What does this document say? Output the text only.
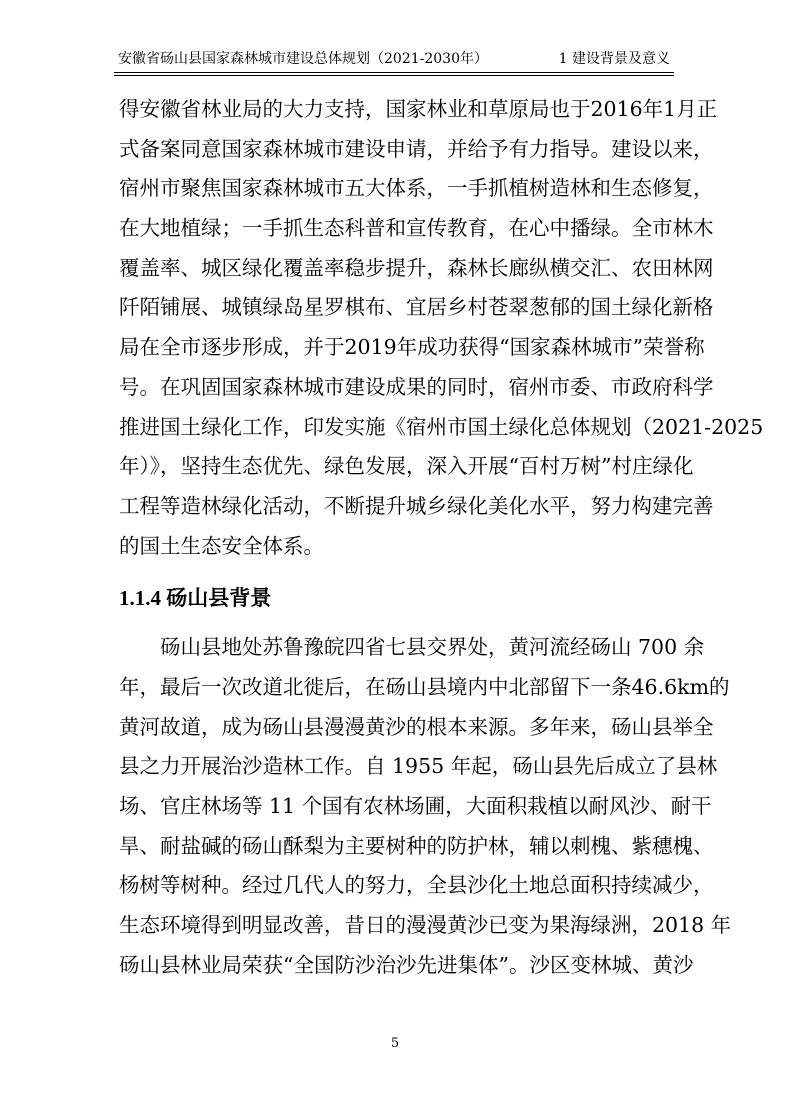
安徽省砀山县国家森林城市建设总体规划（2021-2030年）	1 建设背景及意义
得安徽省林业局的大力支持，国家林业和草原局也于2016年1月正
式备案同意国家森林城市建设申请，并给予有力指导。建设以来，
宿州市聚焦国家森林城市五大体系，一手抓植树造林和生态修复，
在大地植绿；一手抓生态科普和宣传教育，在心中播绿。全市林木
覆盖率、城区绿化覆盖率稳步提升，森林长廊纵横交汇、农田林网
阡陌铺展、城镇绿岛星罗棋布、宜居乡村苍翠葱郁的国土绿化新格
局在全市逐步形成，并于2019年成功获得“国家森林城市”荣誉称
号。在巩固国家森林城市建设成果的同时，宿州市委、市政府科学
推进国土绿化工作，印发实施《宿州市国土绿化总体规划（2021-2025
年）》，坚持生态优先、绿色发展，深入开展“百村万树”村庄绿化
工程等造林绿化活动，不断提升城乡绿化美化水平，努力构建完善
的国土生态安全体系。
1.1.4 砀山县背景
砀山县地处苏鲁豫皖四省七县交界处，黄河流经砀山 700 余
年，最后一次改道北徙后，在砀山县境内中北部留下一条46.6km的
黄河故道，成为砀山县漫漫黄沙的根本来源。多年来，砀山县举全
县之力开展治沙造林工作。自 1955 年起，砀山县先后成立了县林
场、官庄林场等 11 个国有农林场圃，大面积栽植以耐风沙、耐干
旱、耐盐碱的砀山酥梨为主要树种的防护林，辅以刺槐、紫穗槐、
杨树等树种。经过几代人的努力，全县沙化土地总面积持续减少，
生态环境得到明显改善，昔日的漫漫黄沙已变为果海绿洲，2018 年
砀山县林业局荣获“全国防沙治沙先进集体”。沙区变林城、黄沙
5
